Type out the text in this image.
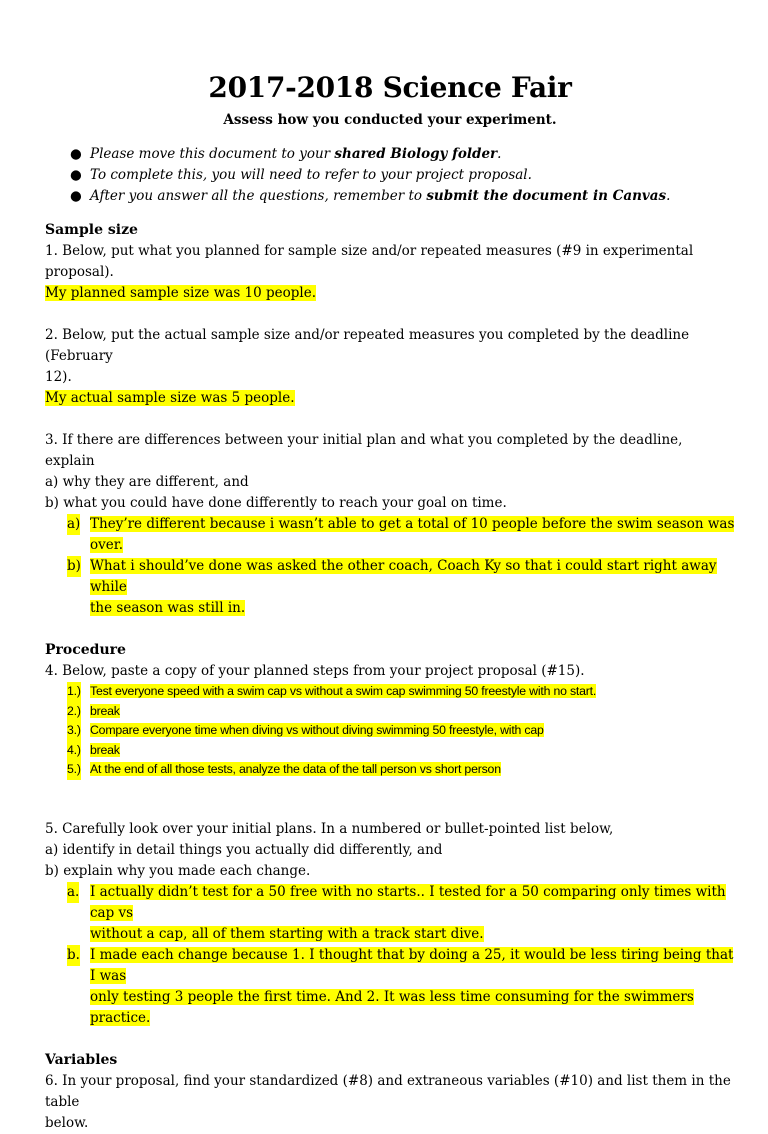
2017-2018 Science Fair

Assess how you conducted your experiment.

● Please move this document to your shared Biology folder.
● To complete this, you will need to refer to your project proposal.
● After you answer all the questions, remember to submit the document in Canvas.

Sample size

1. Below, put what you planned for sample size and/or repeated measures (#9 in experimental proposal).

My planned sample size was 10 people.

2. Below, put the actual sample size and/or repeated measures you completed by the deadline (February

12).

My actual sample size was 5 people.

3. If there are differences between your initial plan and what you completed by the deadline, explain

a) why they are different, and

b) what you could have done differently to reach your goal on time.

a) They’re different because i wasn’t able to get a total of 10 people before the swim season was over.
b) What i should’ve done was asked the other coach, Coach Ky so that i could start right away while
the season was still in.

Procedure

4. Below, paste a copy of your planned steps from your project proposal (#15).

1.) Test everyone speed with a swim cap vs without a swim cap swimming 50 freestyle with no start.
2.) break
3.) Compare everyone time when diving vs without diving swimming 50 freestyle, with cap
4.) break
5.) At the end of all those tests, analyze the data of the tall person vs short person

5. Carefully look over your initial plans. In a numbered or bullet-pointed list below,

a) identify in detail things you actually did differently, and

b) explain why you made each change.

a. I actually didn’t test for a 50 free with no starts.. I tested for a 50 comparing only times with cap vs
without a cap, all of them starting with a track start dive.
b. I made each change because 1. I thought that by doing a 25, it would be less tiring being that I was
only testing 3 people the first time. And 2. It was less time consuming for the swimmers practice.

Variables

6. In your proposal, find your standardized (#8) and extraneous variables (#10) and list them in the table

below.
